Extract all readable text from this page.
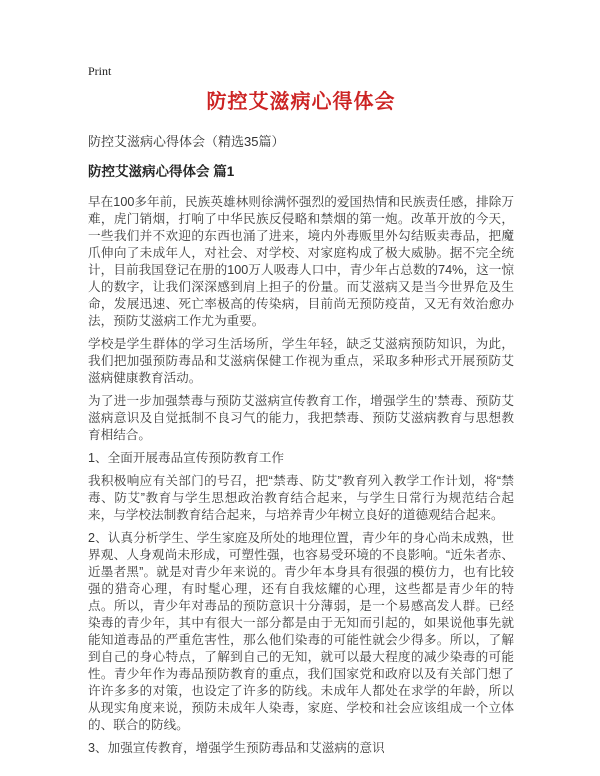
Print
防控艾滋病心得体会
防控艾滋病心得体会（精选35篇）
防控艾滋病心得体会 篇1

早在100多年前，民族英雄林则徐满怀强烈的爱国热情和民族责任感，排除万难，虎门销烟，打响了中华民族反侵略和禁烟的第一炮。改革开放的今天，一些我们并不欢迎的东西也涌了进来，境内外毒贩里外勾结贩卖毒品，把魔爪伸向了未成年人，对社会、对学校、对家庭构成了极大威胁。据不完全统计，目前我国登记在册的100万人吸毒人口中，青少年占总数的74%，这一惊人的数字，让我们深深感到肩上担子的份量。而艾滋病又是当今世界危及生命，发展迅速、死亡率极高的传染病，目前尚无预防疫苗，又无有效治愈办法，预防艾滋病工作尤为重要。

学校是学生群体的学习生活场所，学生年轻，缺乏艾滋病预防知识，为此，我们把加强预防毒品和艾滋病保健工作视为重点，采取多种形式开展预防艾滋病健康教育活动。

为了进一步加强禁毒与预防艾滋病宣传教育工作，增强学生的’禁毒、预防艾滋病意识及自觉抵制不良习气的能力，我把禁毒、预防艾滋病教育与思想教育相结合。

1、全面开展毒品宣传预防教育工作

我积极响应有关部门的号召，把“禁毒、防艾”教育列入教学工作计划，将“禁毒、防艾”教育与学生思想政治教育结合起来，与学生日常行为规范结合起来，与学校法制教育结合起来，与培养青少年树立良好的道德观结合起来。

2、认真分析学生、学生家庭及所处的地理位置，青少年的身心尚未成熟，世界观、人身观尚未形成，可塑性强，也容易受环境的不良影响。“近朱者赤、近墨者黑”。就是对青少年来说的。青少年本身具有很强的模仿力，也有比较强的猎奇心理，有时髦心理，还有自我炫耀的心理，这些都是青少年的特点。所以，青少年对毒品的预防意识十分薄弱，是一个易感高发人群。已经染毒的青少年，其中有很大一部分都是由于无知而引起的，如果说他事先就能知道毒品的严重危害性，那么他们染毒的可能性就会少得多。所以，了解到自己的身心特点，了解到自己的无知，就可以最大程度的减少染毒的可能性。青少年作为毒品预防教育的重点，我们国家党和政府以及有关部门想了许许多多的对策，也设定了许多的防线。未成年人都处在求学的年龄，所以从现实角度来说，预防未成年人染毒，家庭、学校和社会应该组成一个立体的、联合的防线。

3、加强宣传教育，增强学生预防毒品和艾滋病的意识
